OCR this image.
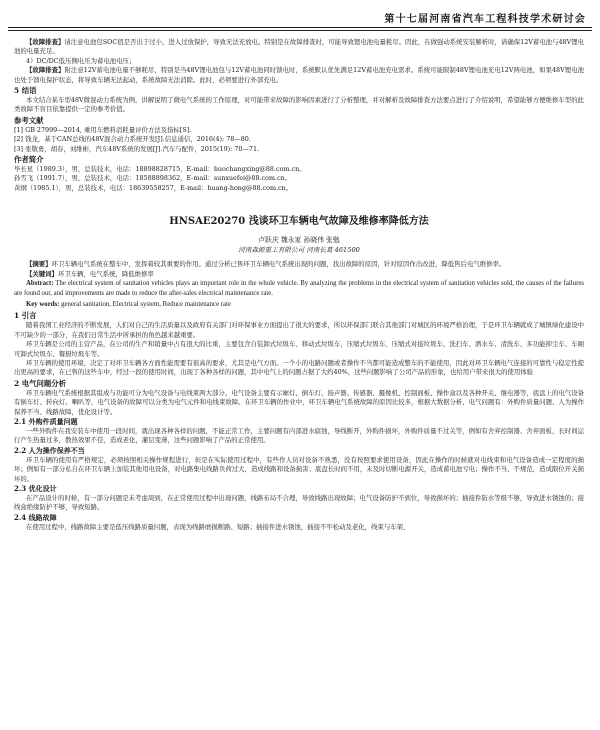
第十七届河南省汽车工程科技学术研讨会

【故障排查】请注意电池包SOC值是否出于过小，进入过放保护，导致无法充放电。特别是在故障排查时，可能导致锂电池电量耗尽。因此，在做强动系统安装解析时，请确保12V蓄电池与48V锂电池的电量充足。

4）DC/DC低压侧电压为蓄电池电压；

【故障排查】附注意12V蓄电池电量不够耗尽，特别是当48V锂电池包与12V蓄电池同时馈电时，系统默认优先满足12V蓄电池充电需求。系统可能限制48V锂电池充电12V两电池，如果48V锂电池也处于馈电保护状态，将导致车辆无法起动，系统故障无法消除。此时，必须要进行外部充电。

5 结语

本文结合某车型48V微混动力系统为例，讲解说明了微电气系统的工作原理，对可能带来故障的影响因素进行了分析整理，并对解析及故障排查方法要点进行了介绍说明，希望能够方便维修车型的此类故障不盲目依靠提供一定的参考价值。

参考文献

[1] GB 27999—2014, 乘用车燃料消耗量评价方法及指标[S].

[2] 钱龙，基于CAN总线的48V混合动力系统开发[J].信息通信，2016(4): 78—80.

[3] 张敬勇，胡春，刘维彬，汽车48V系统的发展[J].汽车与配件，2015(19): 70—71.

作者简介

毕长星（1989.3），男，总装技术，电话：18898828715，E-mail：huochangxing@88.com.cn。

孙雪飞（1991.7），男，总装技术，电话：18588898362，E-mail：sunxuefei@88.com.cn。

黄纲（1985.1），男，总装技术，电话：18639558257，E-mail：huang-hong@88.com.cn。

HNSAE20270 浅谈环卫车辆电气故障及维修率降低方法
卢跃庆 魏永家 孙晓伟 张勉
河南森源重工有限公司 河南长葛 461500

【摘要】环卫车辆电气系统在整车中，发挥着较其重要的作用。通过分析已售环卫车辆电气系统出现的问题，找出故障的原因，针对原因作出改进，降低售后电气维修率。

【关键词】环卫车辆，电气系统，降低维修率

Abstract: The electrical system of sanitation vehicles plays an important role in the whole vehicle. By analyzing the problems in the electrical system of sanitation vehicles sold, the causes of the failures are found out, and improvements are made to reduce the after-sales electrical maintenance rate.

Key words: general sanitation, Electrical system, Reduce maintenance rate

1 引言

随着我国工业经济的不断发展，人们对自己的生活质量以及政府有关部门对环保事业方面提出了很大的要求，所以环保部门联合其他部门对城区的环境严格治理，于是环卫车辆就成了城镇绿化建设中不可缺少的一部分，在我们日常生活中所承担的角色越来越重要。

环卫车辆是公司的主营产品，在公司的生产和销量中占有很大的比重，主要包含自装卸式垃圾车、移动式垃圾车，压缩式垃圾车、压缩式对接垃圾车、洗扫车、洒水车、清洗车、多功能抑尘车、车厢可卸式垃圾车、餐厨垃圾车等。

环卫车辆的使用环境，决定了对环卫车辆各方面性能需要有很高的要求，尤其是电气方面。一个小的电路问题或者操作不当都可能造成整车的不能使用，因此对环卫车辆电气连接的可靠性与稳定性提出更高的要求，在已售的这些车中，经过一段的使用时间，出现了各种各样的问题，其中电气上的问题占据了大约40%，这些问题影响了公司产品的形象，也给用户带来很大的使用体验

2 电气问题分析

环卫车辆电气系统根据其组成与功能可分为电气设备与电线束两大部分。电气设备主要有示廓灯、倒车灯、扬声器、传感器、摄像机、控制面板、操作盒以及各种开关、继电器等，底盘上的电气设备有倒车灯、转向灯、喇叭等，电气设备的故障可以分类为电气元件和电线束故障。在环卫车辆的作业中，环卫车辆电气系统故障的原因比较多，根据大数据分析，电气问题有：外购件质量问题、人为操作保养不当、线路故障，优化设计等。

2.1 外购件质量问题

一些外购件在我安装车中使用一段时间，就出现各种各样的问题，不能正常工作，主要问题有内部进水腐蚀，导线断开，外购件损坏，外购件质量不过关等，例如有舍弃控制器、舍弃面板，长时间运行产生热量过多，散热效果不佳，造成老化，灌层变薄，这些问题影响了产品的正常使用。

2.2 人为操作保养不当

环卫车辆的使用有严格规定，必须按照相关操作规程进行，但是在实际使用过程中，有些作人员对设备不熟悉，没有按照要求使用设备，因此在操作的时候就对电线束和电气设备造成一定程度的损坏；例如有一部分私自在环卫车辆上加装其他用电设备，对电路集电线路负荷过大，造成线路和设备损害；底盘长时间不用，未及时切断电源开关，造成蓄电池亏电；操作不当、不规范，造成限位开关损坏的。

2.3 优化设计

在产品设计的时候，有一部分问题是未考虑周到，在正常使用过程中出现问题，线路布局不合理，导致线路出现故障；电气设备防护不到位，导致损坏的；插接件防水等级不够，导致进水锈蚀的；接线盒绝缘防护不够，导致短路。

2.4 线路故障

在使用过程中，线路故障主要是低压线路质量问题，表现为线路磨损断路、短路；插接件进水锈蚀，插接不牢松动及老化，线束与车架、
